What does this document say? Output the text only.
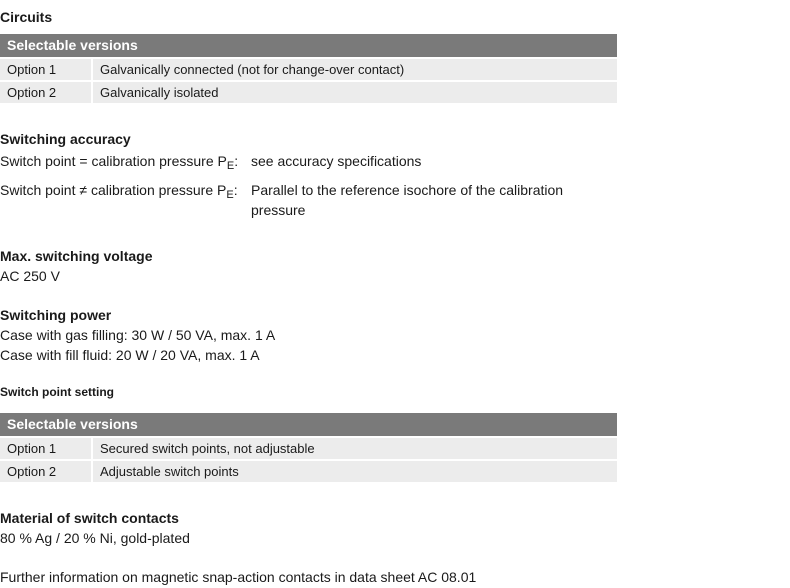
Circuits
Selectable versions
Option 1	Galvanically connected (not for change-over contact)
Option 2	Galvanically isolated
Switching accuracy
Switch point = calibration pressure $P_E$: see accuracy specifications
Switch point ≠ calibration pressure $P_E$: Parallel to the reference isochore of the calibration pressure
Max. switching voltage
AC 250 V
Switching power
Case with gas filling: 30 W / 50 VA, max. 1 A
Case with fill fluid: 20 W / 20 VA, max. 1 A
Switch point setting
Selectable versions
Option 1	Secured switch points, not adjustable
Option 2	Adjustable switch points
Material of switch contacts
80 % Ag / 20 % Ni, gold-plated
Further information on magnetic snap-action contacts in data sheet AC 08.01
